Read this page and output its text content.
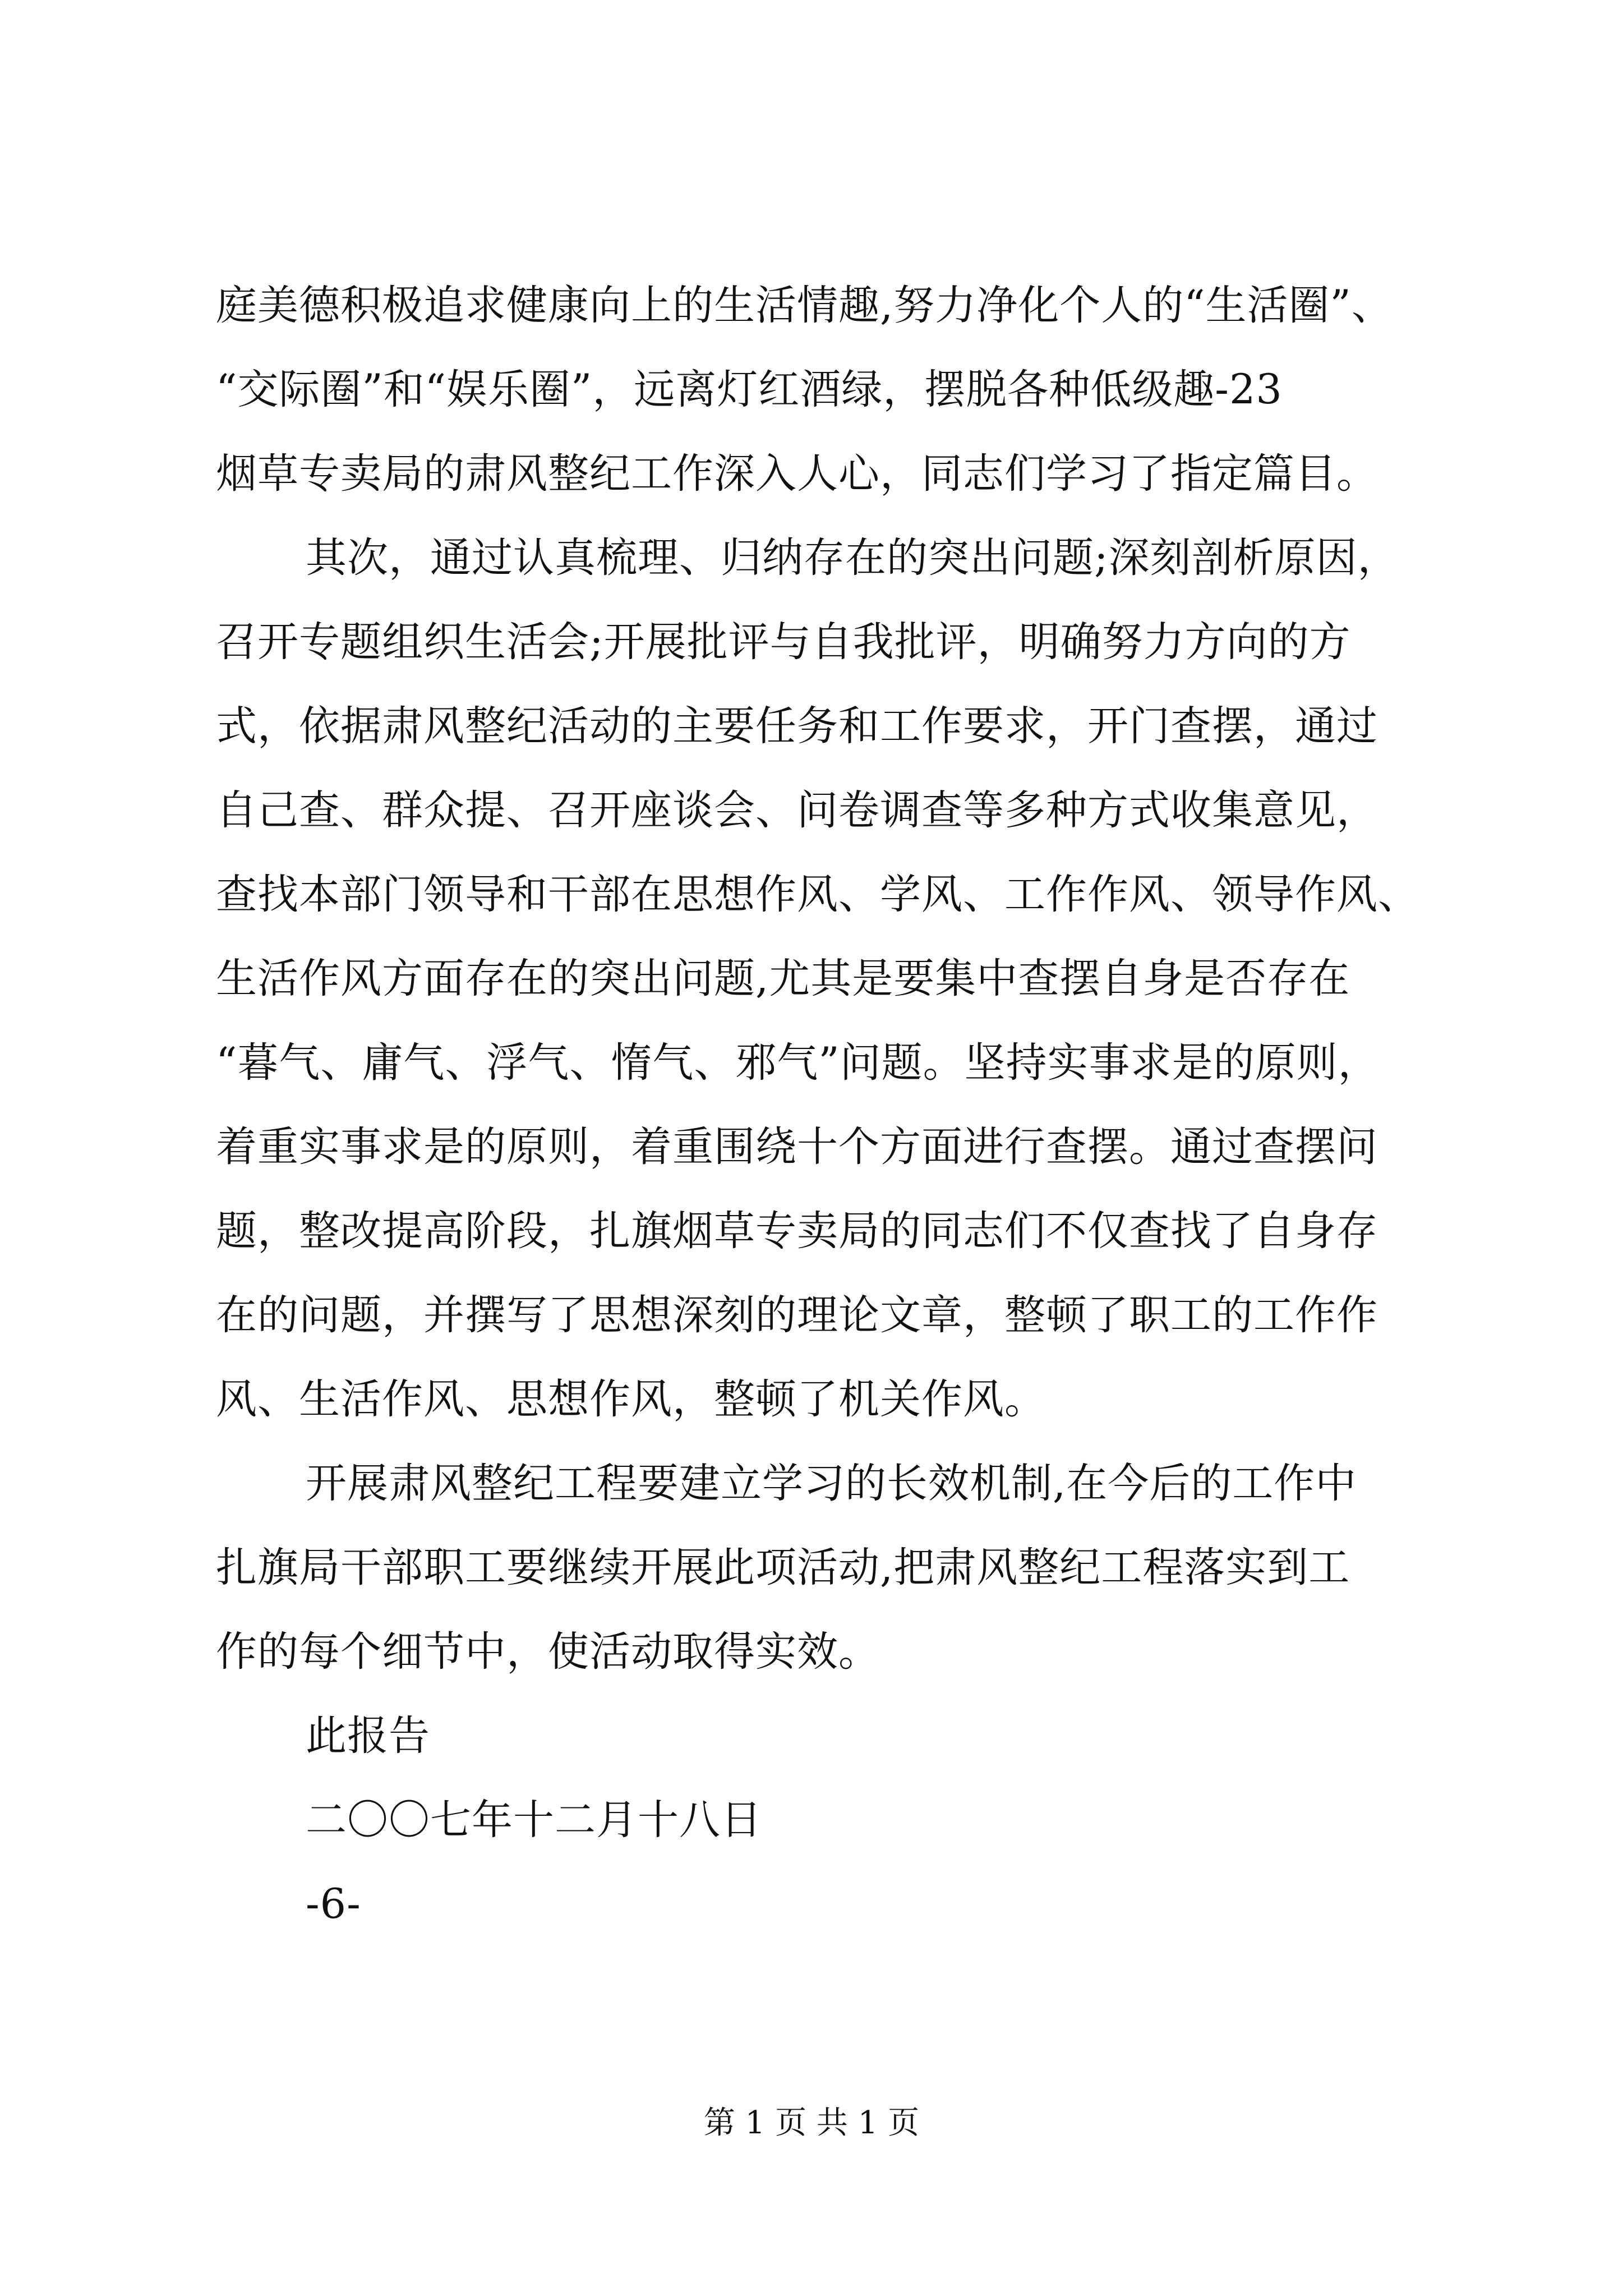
庭美德积极追求健康向上的生活情趣,努力净化个人的“生活圈”、
“交际圈”和“娱乐圈”，远离灯红酒绿，摆脱各种低级趣-23
烟草专卖局的肃风整纪工作深入人心，同志们学习了指定篇目。
其次，通过认真梳理、归纳存在的突出问题;深刻剖析原因，
召开专题组织生活会;开展批评与自我批评，明确努力方向的方
式，依据肃风整纪活动的主要任务和工作要求，开门查摆，通过
自己查、群众提、召开座谈会、问卷调查等多种方式收集意见，
查找本部门领导和干部在思想作风、学风、工作作风、领导作风、
生活作风方面存在的突出问题,尤其是要集中查摆自身是否存在
“暮气、庸气、浮气、惰气、邪气”问题。坚持实事求是的原则，
着重实事求是的原则，着重围绕十个方面进行查摆。通过查摆问
题，整改提高阶段，扎旗烟草专卖局的同志们不仅查找了自身存
在的问题，并撰写了思想深刻的理论文章，整顿了职工的工作作
风、生活作风、思想作风，整顿了机关作风。
开展肃风整纪工程要建立学习的长效机制,在今后的工作中
扎旗局干部职工要继续开展此项活动,把肃风整纪工程落实到工
作的每个细节中，使活动取得实效。
此报告
二〇〇七年十二月十八日
-6-
第 1 页 共 1 页
